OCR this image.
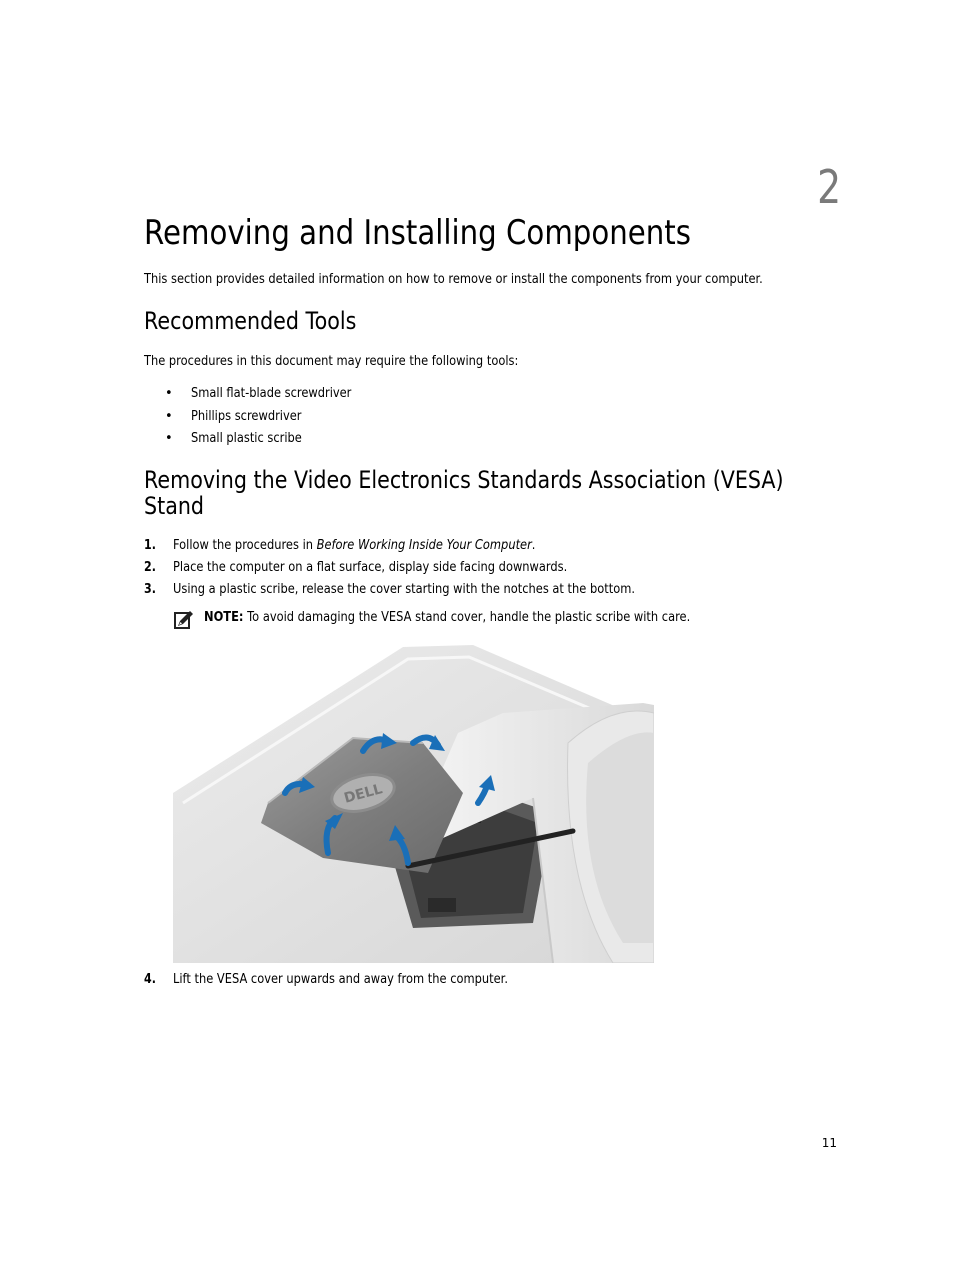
2
Removing and Installing Components
This section provides detailed information on how to remove or install the components from your computer.
Recommended Tools
The procedures in this document may require the following tools:
• Small flat-blade screwdriver
• Phillips screwdriver
• Small plastic scribe
Removing the Video Electronics Standards Association (VESA)
Stand
1. Follow the procedures in Before Working Inside Your Computer.
2. Place the computer on a flat surface, display side facing downwards.
3. Using a plastic scribe, release the cover starting with the notches at the bottom.
NOTE: To avoid damaging the VESA stand cover, handle the plastic scribe with care.
DELL
4. Lift the VESA cover upwards and away from the computer.
11
